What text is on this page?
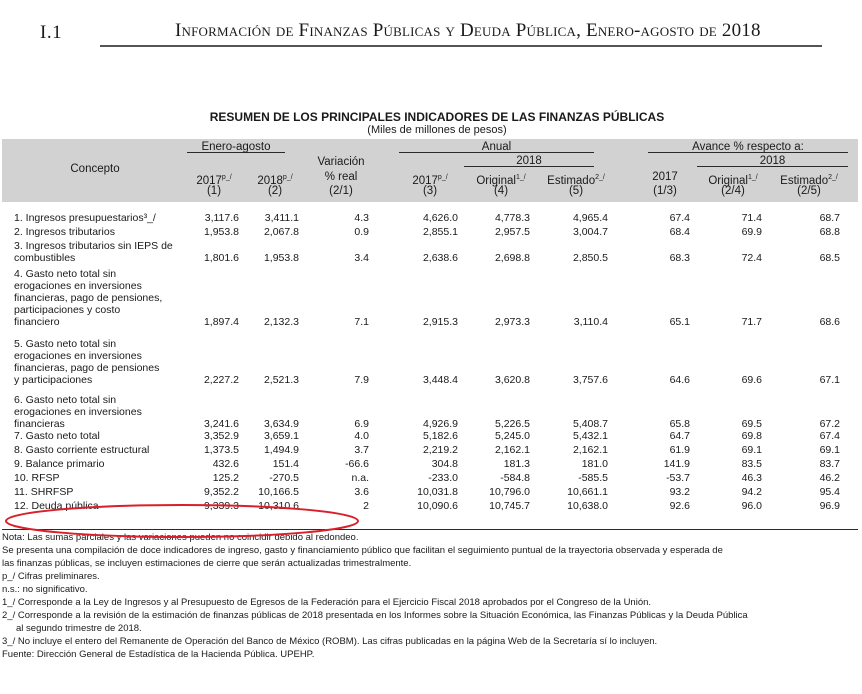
I.1	Información de Finanzas Públicas y Deuda Pública, Enero-agosto de 2018
RESUMEN DE LOS PRINCIPALES INDICADORES DE LAS FINANZAS PÚBLICAS
(Miles de millones de pesos)
Concepto
Enero-agosto
$2017^{p\_/}$
(1)
$2018^{p\_/}$
(2)
Variación
% real
(2/1)
Anual
2018
$2017^{p\_/}$
(3)
Original$^{1\_/}$
(4)
Estimado$^{2\_/}$
(5)
Avance % respecto a:
2018
2017
(1/3)
Original$^{1\_/}$
(2/4)
Estimado$^{2\_/}$
(2/5)
1. Ingresos presupuestarios³_/	3,117.6 3,411.1	4.3	4,626.0	4,778.3	4,965.4	67.4	71.4	68.7
2. Ingresos tributarios	1,953.8 2,067.8	0.9	2,855.1	2,957.5	3,004.7	68.4	69.9	68.8
3. Ingresos tributarios sin IEPS de
combustibles	1,801.6 1,953.8	3.4	2,638.6	2,698.8	2,850.5	68.3	72.4	68.5
4. Gasto neto total sin
erogaciones en inversiones
financieras, pago de pensiones,
participaciones y costo
financiero	1,897.4 2,132.3	7.1	2,915.3	2,973.3	3,110.4	65.1	71.7	68.6
5. Gasto neto total sin
erogaciones en inversiones
financieras, pago de pensiones
y participaciones	2,227.2 2,521.3	7.9	3,448.4	3,620.8	3,757.6	64.6	69.6	67.1
6. Gasto neto total sin
erogaciones en inversiones
financieras	3,241.6 3,634.9	6.9	4,926.9	5,226.5	5,408.7	65.8	69.5	67.2
7. Gasto neto total	3,352.9 3,659.1	4.0	5,182.6	5,245.0	5,432.1	64.7	69.8	67.4
8. Gasto corriente estructural	1,373.5 1,494.9	3.7	2,219.2	2,162.1	2,162.1	61.9	69.1	69.1
9. Balance primario	432.6	151.4	-66.6	304.8	181.3	181.0	141.9	83.5	83.7
10. RFSP	125.2	-270.5	n.a.	-233.0	-584.8	-585.5	-53.7	46.3	46.2
11. SHRFSP	9,352.2 10,166.5	3.6	10,031.8	10,796.0	10,661.1	93.2	94.2	95.4
12. Deuda pública	9,339.3 10,310.6	2	10,090.6	10,745.7	10,638.0	92.6	96.0	96.9
Nota: Las sumas parciales y las variaciones pueden no coincidir debido al redondeo.
Se presenta una compilación de doce indicadores de ingreso, gasto y financiamiento público que facilitan el seguimiento puntual de la trayectoria observada y esperada de
las finanzas públicas, se incluyen estimaciones de cierre que serán actualizadas trimestralmente.
p_/ Cifras preliminares.
n.s.: no significativo.
1_/ Corresponde a la Ley de Ingresos y al Presupuesto de Egresos de la Federación para el Ejercicio Fiscal 2018 aprobados por el Congreso de la Unión.
2_/ Corresponde a la revisión de la estimación de finanzas públicas de 2018 presentada en los Informes sobre la Situación Económica, las Finanzas Públicas y la Deuda Pública
al segundo trimestre de 2018.
3_/ No incluye el entero del Remanente de Operación del Banco de México (ROBM). Las cifras publicadas en la página Web de la Secretaría sí lo incluyen.
Fuente: Dirección General de Estadística de la Hacienda Pública. UPEHP.
